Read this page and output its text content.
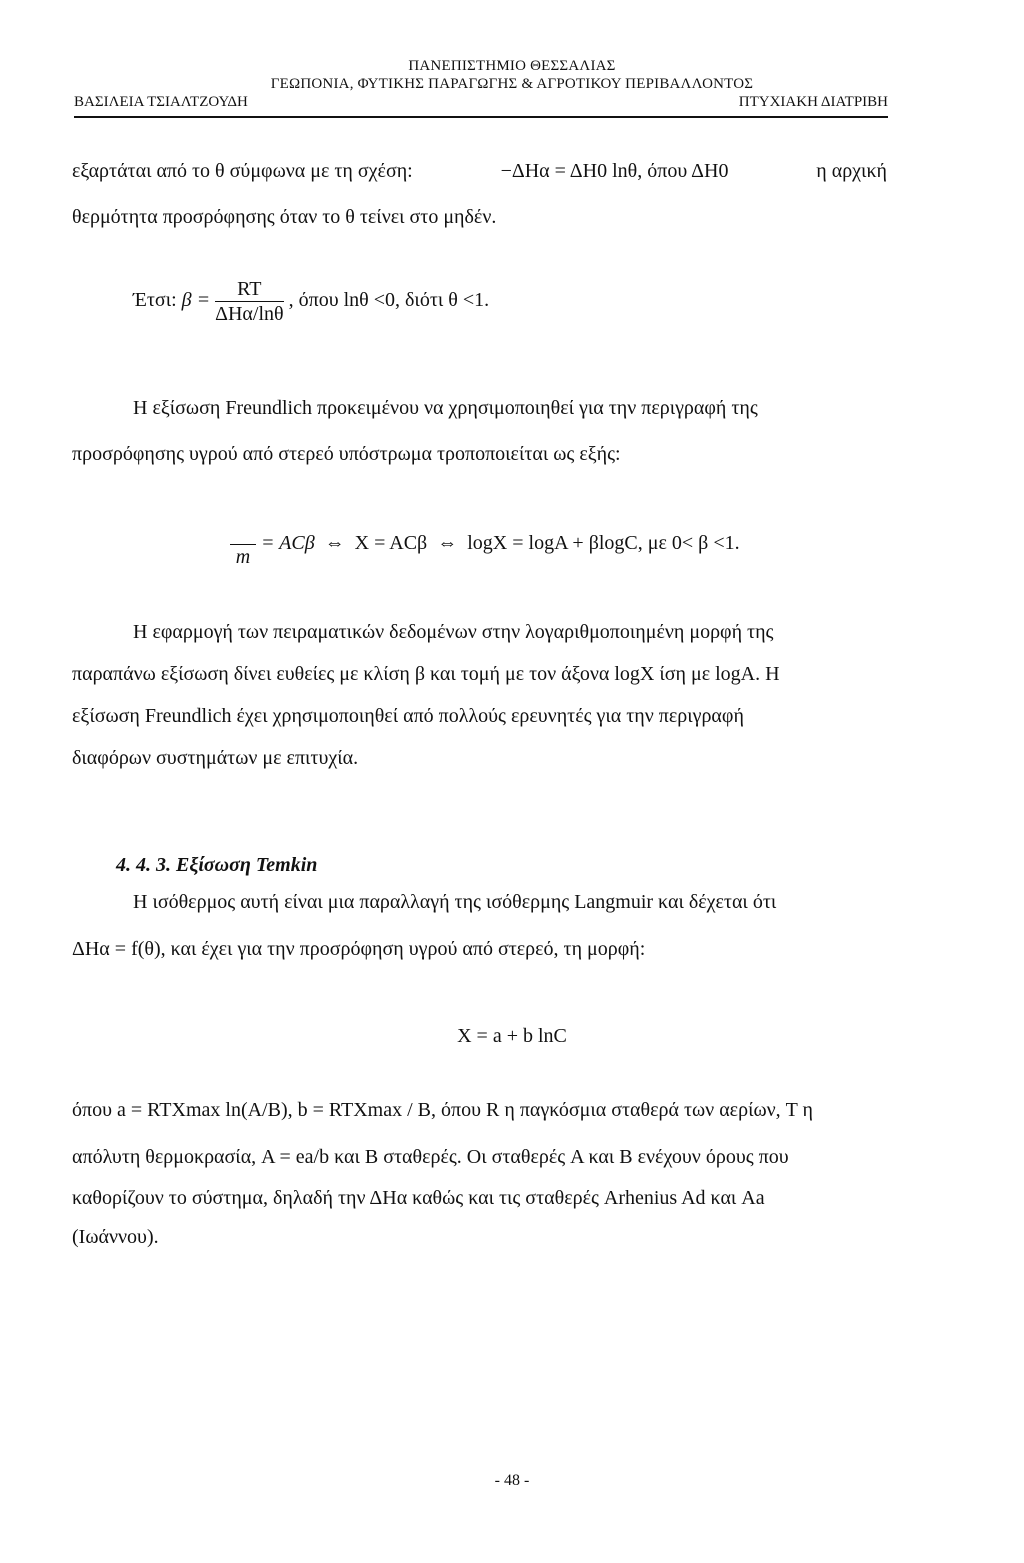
ΠΑΝΕΠΙΣΤΗΜΙΟ ΘΕΣΣΑΛΙΑΣ
ΓΕΩΠΟΝΙΑ, ΦΥΤΙΚΗΣ ΠΑΡΑΓΩΓΗΣ & ΑΓΡΟΤΙΚΟΥ ΠΕΡΙΒΑΛΛΟΝΤΟΣ
ΒΑΣΙΛΕΙΑ ΤΣΙΑΛΤΖΟΥΔΗ	ΠΤΥΧΙΑΚΗ ΔΙΑΤΡΙΒΗ
εξαρτάται από το θ σύμφωνα με τη σχέση:	−ΔΗα = ΔΗ0 lnθ, όπου ΔΗ0	η αρχική
θερμότητα προσρόφησης όταν το θ τείνει στο μηδέν.
Έτσι: $\beta = \frac{RT}{\text{ΔΗα/lnθ}}$ , όπου lnθ <0, διότι θ <1.
Η εξίσωση Freundlich προκειμένου να χρησιμοποιηθεί για την περιγραφή της
προσρόφησης υγρού από στερεό υπόστρωμα τροποποιείται ως εξής:

m
= ACβ  ⇔  X = ACβ  ⇔  logX = logA + βlogC, με 0< β <1.
Η εφαρμογή των πειραματικών δεδομένων στην λογαριθμοποιημένη μορφή της
παραπάνω εξίσωση δίνει ευθείες με κλίση β και τομή με τον άξονα logX ίση με logA. Η
εξίσωση Freundlich έχει χρησιμοποιηθεί από πολλούς ερευνητές για την περιγραφή
διαφόρων συστημάτων με επιτυχία.
4. 4. 3. Εξίσωση Temkin
Η ισόθερμος αυτή είναι μια παραλλαγή της ισόθερμης Langmuir και δέχεται ότι
ΔΗα = f(θ), και έχει για την προσρόφηση υγρού από στερεό, τη μορφή:
X = a + b lnC
όπου a = RTXmax ln(A/B), b = RTXmax / B, όπου R η παγκόσμια σταθερά των αερίων, T η
απόλυτη θερμοκρασία, A = ea/b και B σταθερές. Οι σταθερές A και B ενέχουν όρους που
καθορίζουν το σύστημα, δηλαδή την ΔΗα καθώς και τις σταθερές Arhenius Ad και Aa
(Ιωάννου).
- 48 -
